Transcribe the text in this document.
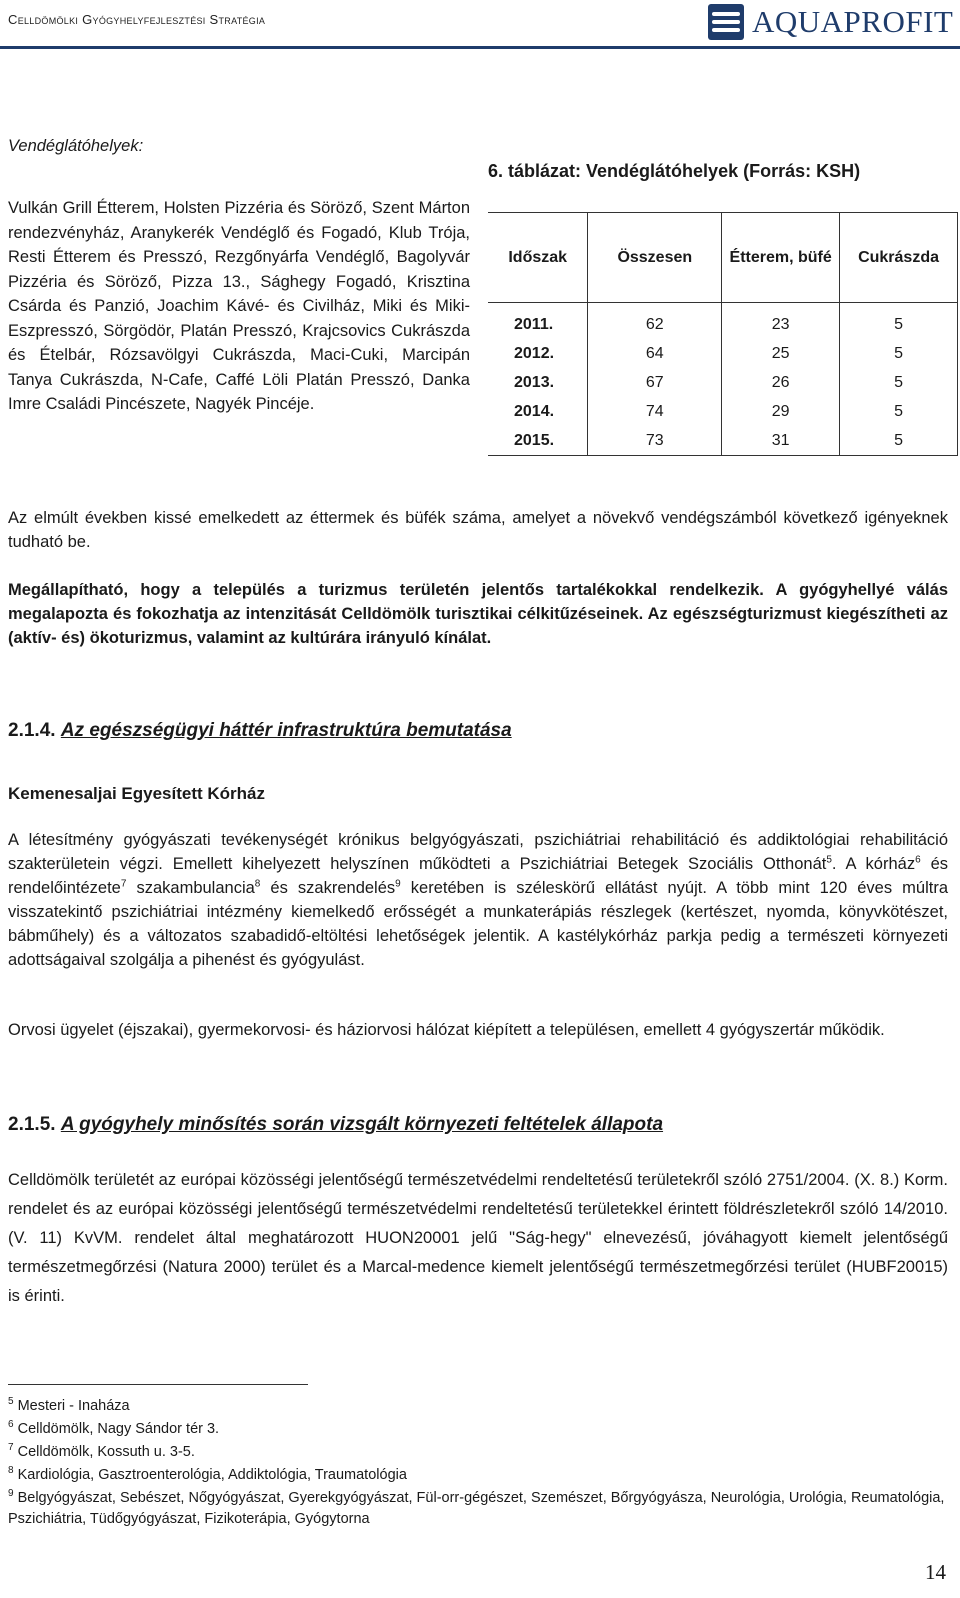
Celldömölki Gyógyhelyfejlesztési Stratégia	AQUAPROFIT
Vendéglátóhelyek:
Vulkán Grill Étterem, Holsten Pizzéria és Söröző, Szent Márton rendezvényház, Aranykerék Vendéglő és Fogadó, Klub Trója, Resti Étterem és Presszó, Rezgőnyárfa Vendéglő, Bagolyvár Pizzéria és Söröző, Pizza 13., Sághegy Fogadó, Krisztina Csárda és Panzió, Joachim Kávé- és Civilház, Miki és Miki-Eszpresszó, Sörgödör, Platán Presszó, Krajcsovics Cukrászda és Ételbár, Rózsavölgyi Cukrászda, Maci-Cuki, Marcipán Tanya Cukrászda, N-Cafe, Caffé Löli Platán Presszó, Danka Imre Családi Pincészete, Nagyék Pincéje.
6. táblázat: Vendéglátóhelyek (Forrás: KSH)
Időszak	Összesen	Étterem, büfé	Cukrászda

2011.	62	23	5
2012.	64	25	5
2013.	67	26	5
2014.	74	29	5
2015.	73	31	5
Az elmúlt években kissé emelkedett az éttermek és büfék száma, amelyet a növekvő vendégszámból következő igényeknek tudható be.
Megállapítható, hogy a település a turizmus területén jelentős tartalékokkal rendelkezik. A gyógyhellyé válás megalapozta és fokozhatja az intenzitását Celldömölk turisztikai célkitűzéseinek. Az egészségturizmust kiegészítheti az (aktív- és) ökoturizmus, valamint az kultúrára irányuló kínálat.
2.1.4. Az egészségügyi háttér infrastruktúra bemutatása
Kemenesaljai Egyesített Kórház
A létesítmény gyógyászati tevékenységét krónikus belgyógyászati, pszichiátriai rehabilitáció és addiktológiai rehabilitáció szakterületein végzi. Emellett kihelyezett helyszínen működteti a Pszichiátriai Betegek Szociális Otthonát$^5$. A kórház$^6$ és rendelőintézete$^7$ szakambulancia$^8$ és szakrendelés$^9$ keretében is széleskörű ellátást nyújt. A több mint 120 éves múltra visszatekintő pszichiátriai intézmény kiemelkedő erősségét a munkaterápiás részlegek (kertészet, nyomda, könyvkötészet, bábműhely) és a változatos szabadidő-eltöltési lehetőségek jelentik. A kastélykórház parkja pedig a természeti környezeti adottságaival szolgálja a pihenést és gyógyulást.
Orvosi ügyelet (éjszakai), gyermekorvosi- és háziorvosi hálózat kiépített a településen, emellett 4 gyógyszertár működik.
2.1.5. A gyógyhely minősítés során vizsgált környezeti feltételek állapota
Celldömölk területét az európai közösségi jelentőségű természetvédelmi rendeltetésű területekről szóló 2751/2004. (X. 8.) Korm. rendelet és az európai közösségi jelentőségű természetvédelmi rendeltetésű területekkel érintett földrészletekről szóló 14/2010. (V. 11) KvVM. rendelet által meghatározott HUON20001 jelű "Ság-hegy" elnevezésű, jóváhagyott kiemelt jelentőségű természetmegőrzési (Natura 2000) terület és a Marcal-medence kiemelt jelentőségű természetmegőrzési terület (HUBF20015) is érinti.
$^5$ Mesteri - Inaháza
$^6$ Celldömölk, Nagy Sándor tér 3.
$^7$ Celldömölk, Kossuth u. 3-5.
$^8$ Kardiológia, Gasztroenterológia, Addiktológia, Traumatológia
$^9$ Belgyógyászat, Sebészet, Nőgyógyászat, Gyerekgyógyászat, Fül-orr-gégészet, Szemészet, Bőrgyógyásza, Neurológia, Urológia, Reumatológia, Pszichiátria, Tüdőgyógyászat, Fizikoterápia, Gyógytorna
14
